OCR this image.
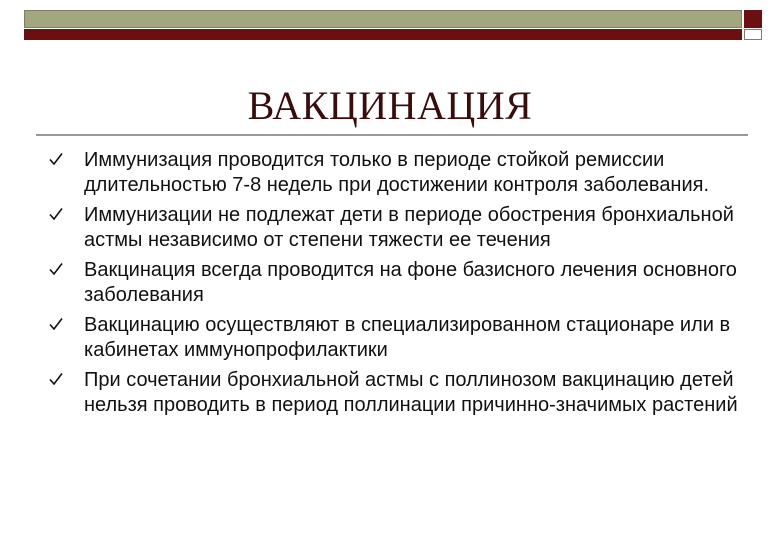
ВАКЦИНАЦИЯ
Иммунизация проводится только в периоде стойкой ремиссии длительностью 7-8 недель при достижении контроля заболевания.
Иммунизации не подлежат дети в периоде обострения бронхиальной астмы независимо от степени тяжести ее течения
Вакцинация всегда проводится на фоне базисного лечения основного заболевания
Вакцинацию осуществляют в специализированном стационаре или в кабинетах иммунопрофилактики
При сочетании бронхиальной астмы с поллинозом вакцинацию детей нельзя проводить в период поллинации причинно-значимых растений
